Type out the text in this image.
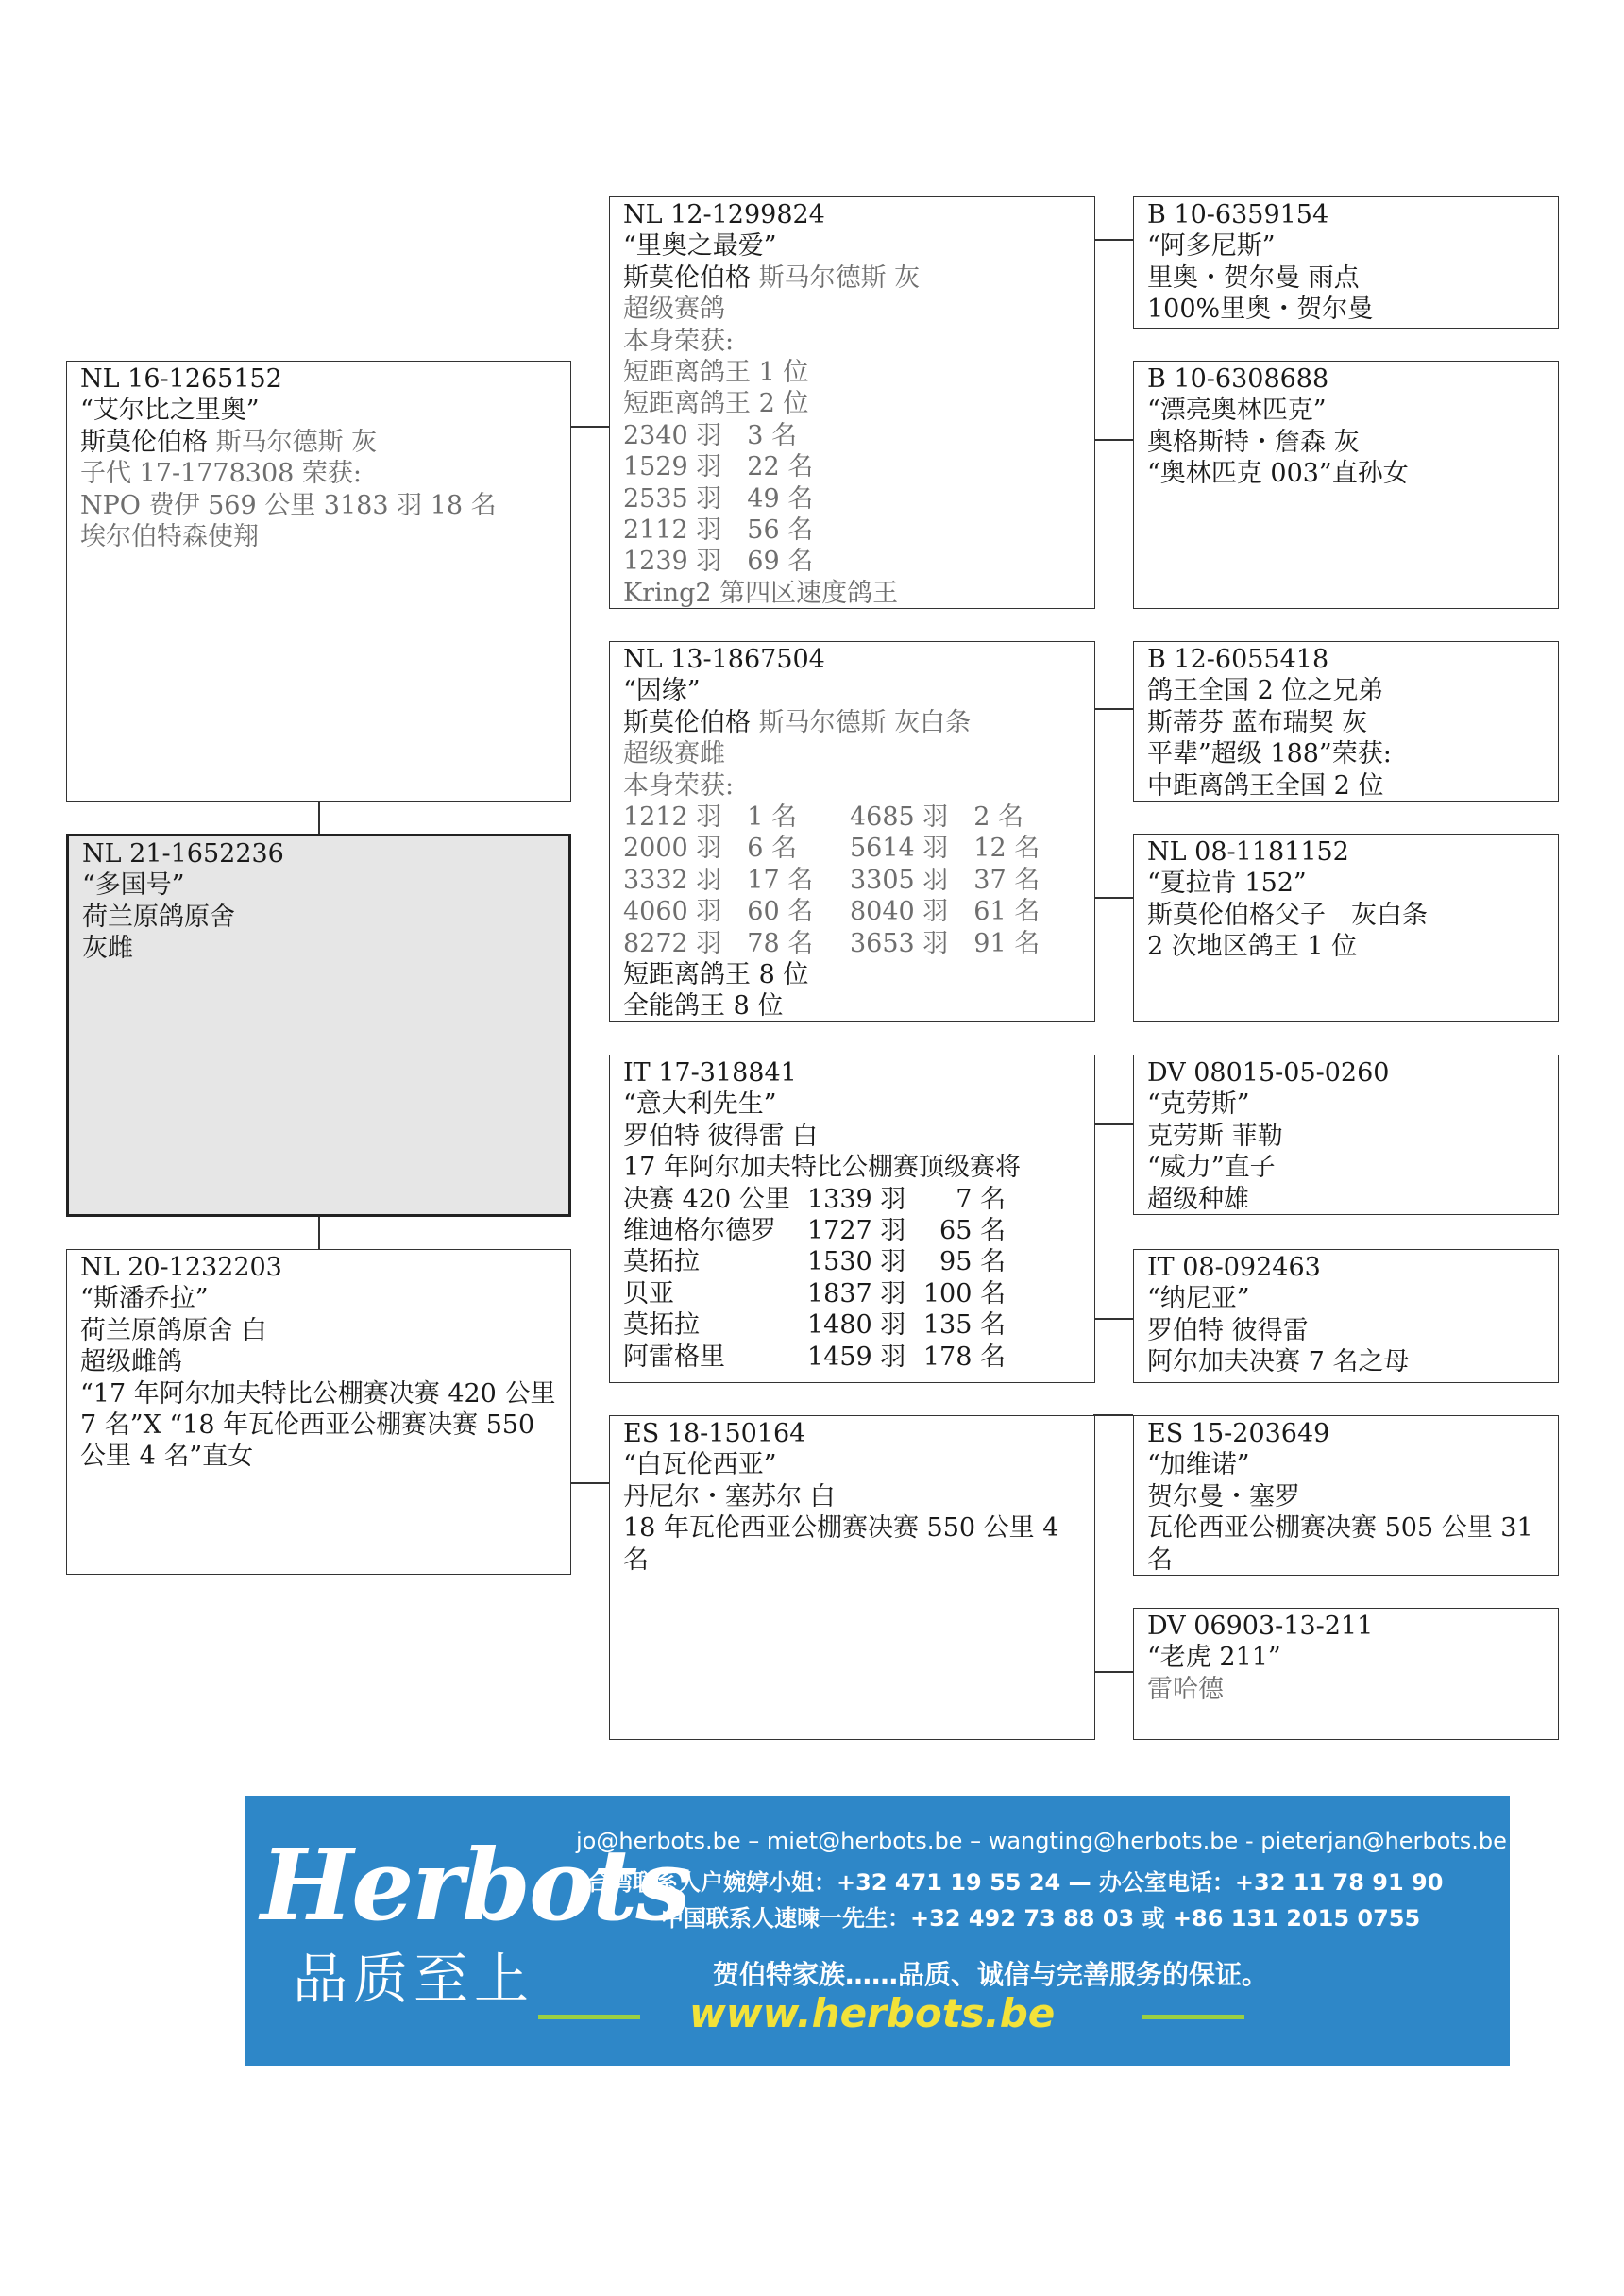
NL 16-1265152
“艾尔比之里奥”
斯莫伦伯格 斯马尔德斯 灰
子代 17-1778308 荣获:
NPO 费伊 569 公里 3183 羽 18 名
埃尔伯特森使翔
NL 21-1652236
“多国号”
荷兰原鸽原舍
灰雌
NL 20-1232203
“斯潘乔拉”
荷兰原鸽原舍 白
超级雌鸽
“17 年阿尔加夫特比公棚赛决赛 420 公里 7 名”X “18 年瓦伦西亚公棚赛决赛 550 公里 4 名”直女
NL 12-1299824
“里奥之最爱”
斯莫伦伯格 斯马尔德斯 灰
超级赛鸽
本身荣获:
短距离鸽王 1 位
短距离鸽王 2 位
2340 羽　3 名
1529 羽　22 名
2535 羽　49 名
2112 羽　56 名
1239 羽　69 名
Kring2 第四区速度鸽王
NL 13-1867504
“因缘”
斯莫伦伯格 斯马尔德斯 灰白条
超级赛雌
本身荣获:
1212 羽　1 名	4685 羽　2 名
2000 羽　6 名	5614 羽　12 名
3332 羽　17 名	3305 羽　37 名
4060 羽　60 名	8040 羽　61 名
8272 羽　78 名	3653 羽　91 名
短距离鸽王 8 位
全能鸽王 8 位
IT 17-318841
“意大利先生”
罗伯特 彼得雷 白
17 年阿尔加夫特比公棚赛顶级赛将
决赛 420 公里 1339 羽	7 名
维迪格尔德罗	1727 羽	65 名
莫拓拉	1530 羽	95 名
贝亚	1837 羽 100 名
莫拓拉	1480 羽 135 名
阿雷格里	1459 羽 178 名
ES 18-150164
“白瓦伦西亚”
丹尼尔・塞苏尔 白
18 年瓦伦西亚公棚赛决赛 550 公里 4 名
B 10-6359154
“阿多尼斯”
里奥・贺尔曼 雨点
100%里奥・贺尔曼
B 10-6308688
“漂亮奥林匹克”
奥格斯特・詹森 灰
“奥林匹克 003”直孙女
B 12-6055418
鸽王全国 2 位之兄弟
斯蒂芬 蓝布瑞契 灰
平辈”超级 188”荣获:
中距离鸽王全国 2 位
NL 08-1181152
“夏拉肯 152”
斯莫伦伯格父子　灰白条
2 次地区鸽王 1 位
DV 08015-05-0260
“克劳斯”
克劳斯 菲勒
“威力”直子
超级种雄
IT 08-092463
“纳尼亚”
罗伯特 彼得雷
阿尔加夫决赛 7 名之母
ES 15-203649
“加维诺”
贺尔曼・塞罗
瓦伦西亚公棚赛决赛 505 公里 31 名
DV 06903-13-211
“老虎 211”
雷哈德
Herbots
品质至上
jo@herbots.be – miet@herbots.be – wangting@herbots.be - pieterjan@herbots.be
台湾联系人户婉婷小姐：+32 471 19 55 24 — 办公室电话：+32 11 78 91 90
中国联系人速暕一先生：+32 492 73 88 03 或 +86 131 2015 0755
贺伯特家族……品质、诚信与完善服务的保证。
www.herbots.be
